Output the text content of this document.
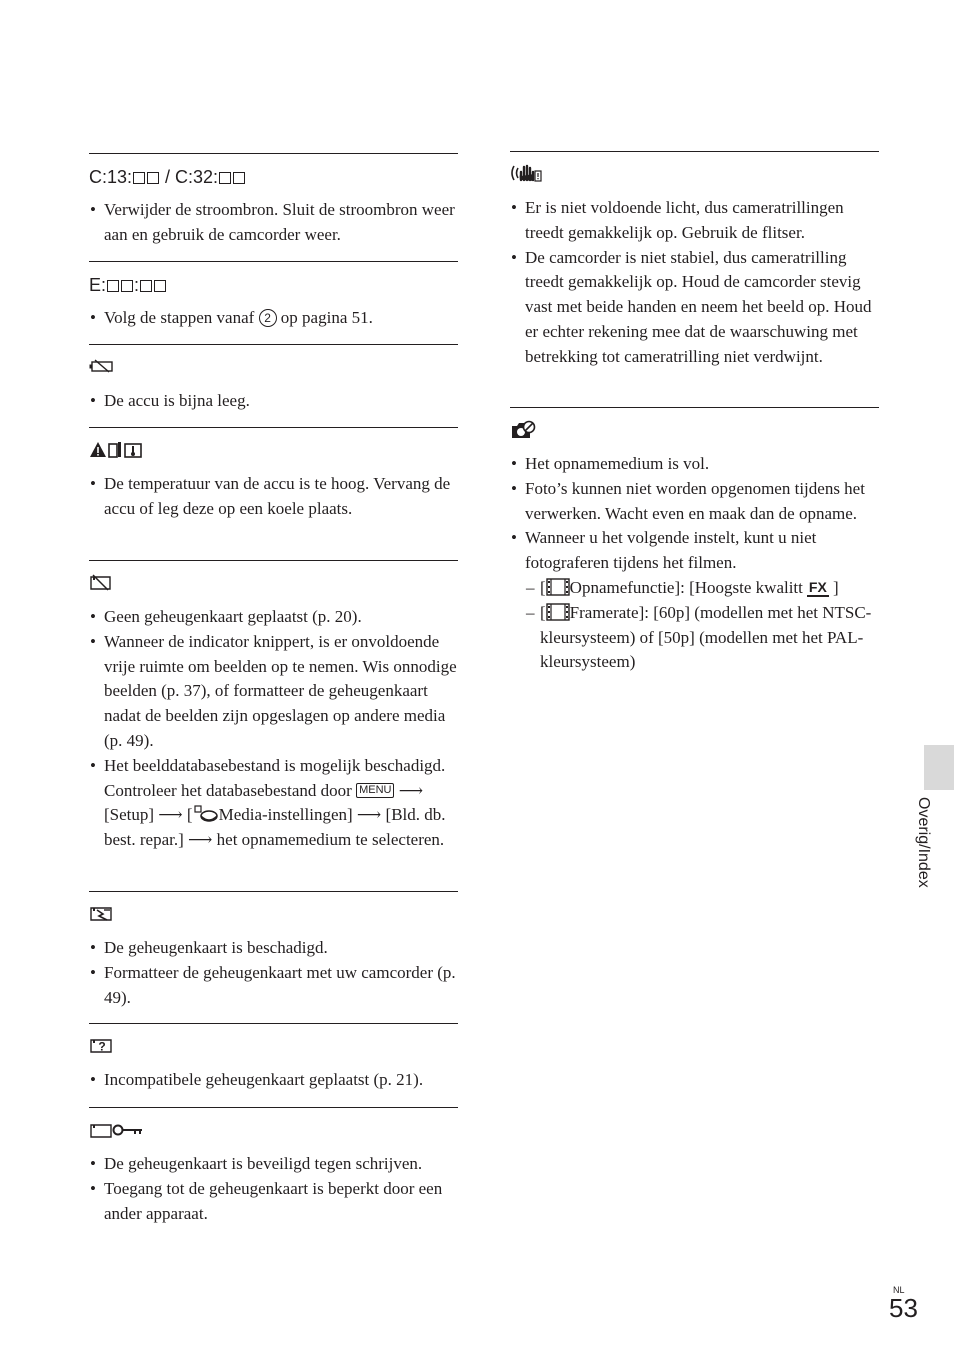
C:13: / C:32:
• Verwijder de stroombron. Sluit de stroombron weer aan en gebruik de camcorder weer.
E: :
• Volg de stappen vanaf 2 op pagina 51.
• De accu is bijna leeg.
• De temperatuur van de accu is te hoog. Vervang de accu of leg deze op een koele plaats.
• Geen geheugenkaart geplaatst (p. 20).
• Wanneer de indicator knippert, is er onvoldoende vrije ruimte om beelden op te nemen. Wis onnodige beelden (p. 37), of formatteer de geheugenkaart nadat de beelden zijn opgeslagen op andere media (p. 49).
• Het beelddatabasebestand is mogelijk beschadigd. Controleer het databasebestand door MENU ⟶ [Setup] ⟶ [ Media-instellingen] ⟶ [Bld. db. best. repar.] ⟶ het opnamemedium te selecteren.
• De geheugenkaart is beschadigd.
• Formatteer de geheugenkaart met uw camcorder (p. 49).
?
• Incompatibele geheugenkaart geplaatst (p. 21).
• De geheugenkaart is beveiligd tegen schrijven.
• Toegang tot de geheugenkaart is beperkt door een ander apparaat.
• Er is niet voldoende licht, dus cameratrillingen treedt gemakkelijk op. Gebruik de flitser.
• De camcorder is niet stabiel, dus cameratrilling treedt gemakkelijk op. Houd de camcorder stevig vast met beide handen en neem het beeld op. Houd er echter rekening mee dat de waarschuwing met betrekking tot cameratrilling niet verdwijnt.
• Het opnamemedium is vol.
• Foto’s kunnen niet worden opgenomen tijdens het verwerken. Wacht even en maak dan de opname.
• Wanneer u het volgende instelt, kunt u niet fotograferen tijdens het filmen.
– [ Opnamefunctie]: [Hoogste kwalitt FX ]
– [ Framerate]: [60p] (modellen met het NTSC-kleursysteem) of [50p] (modellen met het PAL-kleursysteem)
Overig/Index
NL
53
